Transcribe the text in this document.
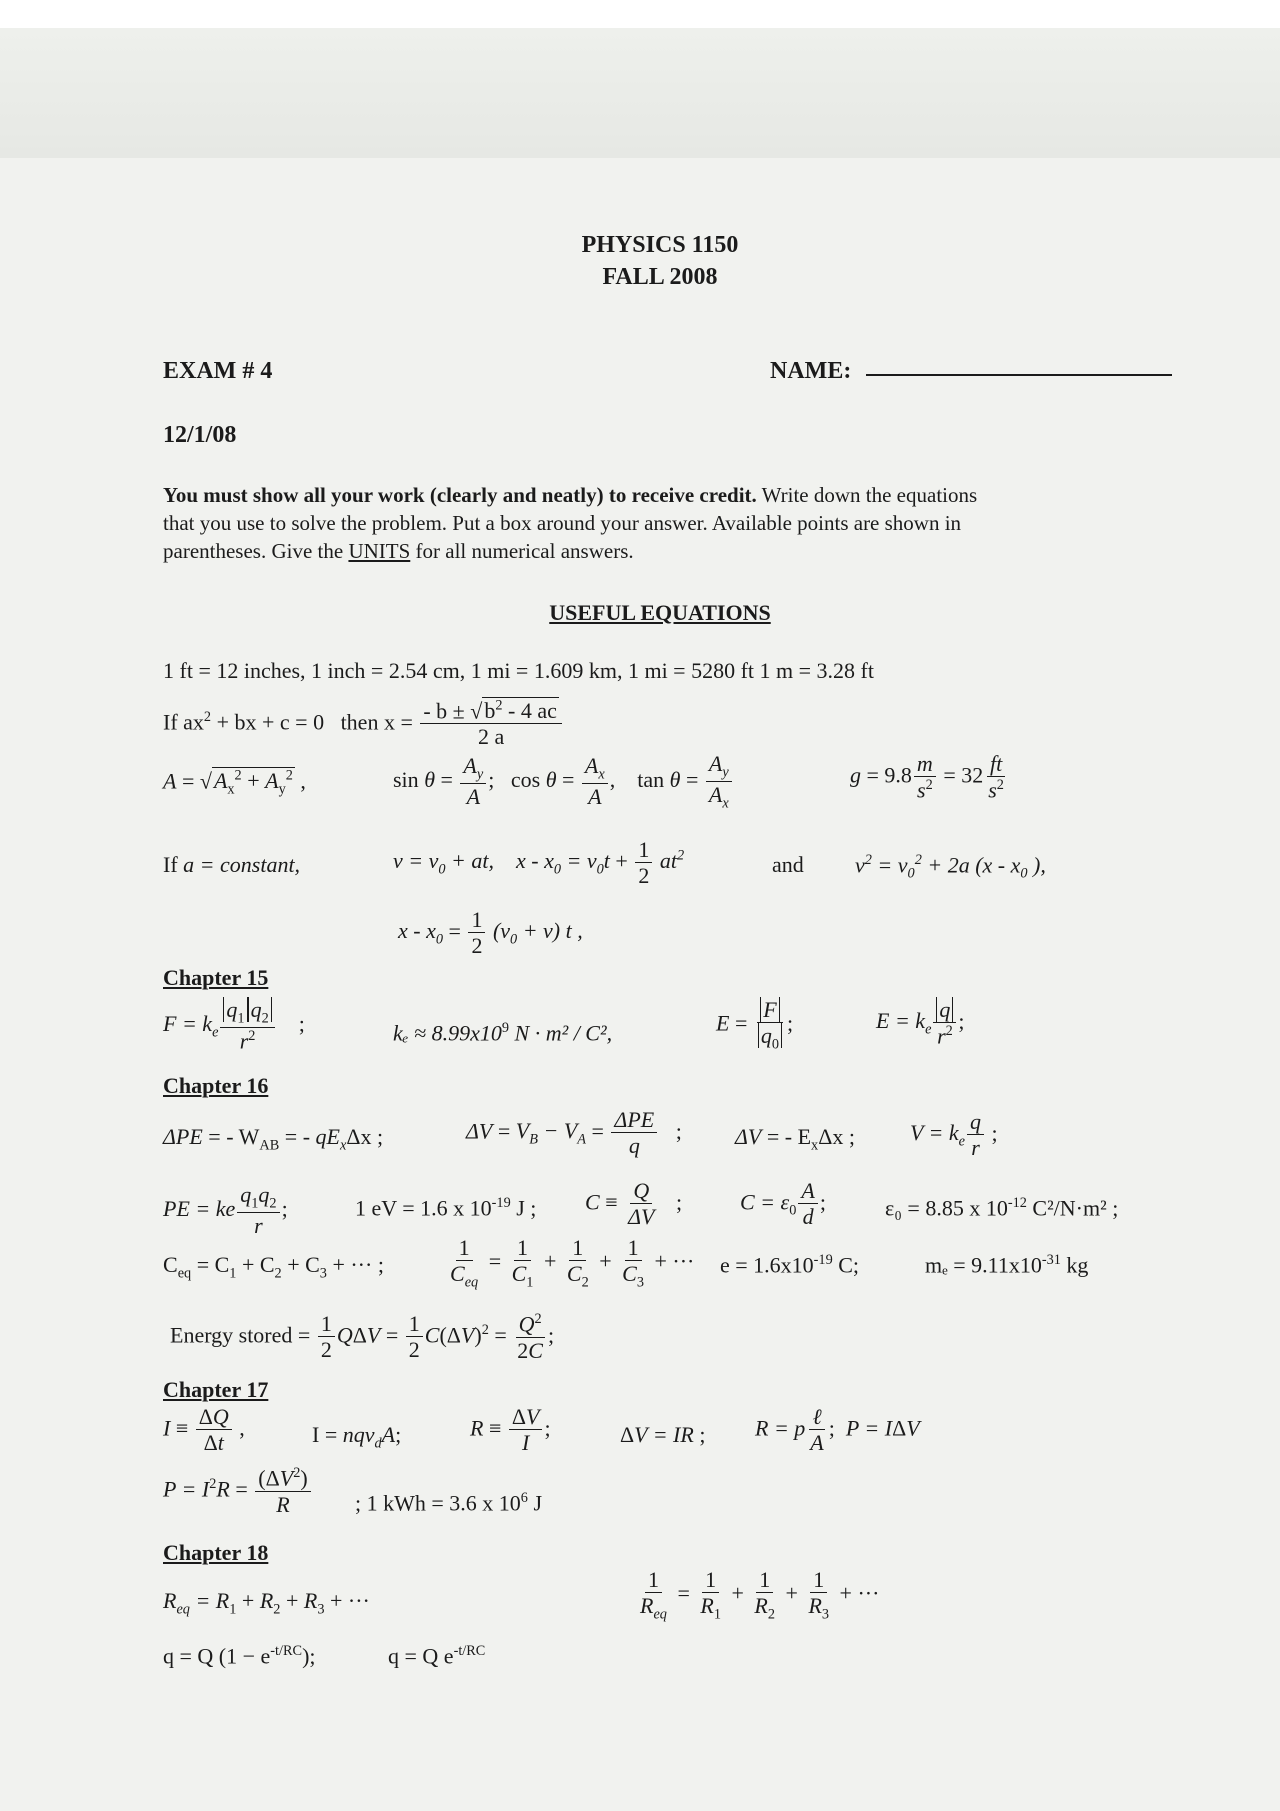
PHYSICS 1150
FALL 2008
EXAM # 4	NAME:
12/1/08
You must show all your work (clearly and neatly) to receive credit. Write down the equations
that you use to solve the problem. Put a box around your answer. Available points are shown in
parentheses. Give the UNITS for all numerical answers.
USEFUL EQUATIONS
1 ft = 12 inches, 1 inch = 2.54 cm, 1 mi = 1.609 km, 1 mi = 5280 ft 1 m = 3.28 ft
If $ax^2$ + bx + c = 0   then $x = \frac{- b \pm √b^2 - 4 ac}{2 a}$
$A = √A_x^2 + A_y^2$ ,	$\sin \theta = \frac{A_y}{A}$ ;   $\cos \theta = \frac{A_x}{A}$ ,    $\tan \theta = \frac{A_y}{A_x}$	$g = 9.8 \frac{m}{s^2} = 32 \frac{ft}{s^2}$
If a = constant,	$v = v_0$ + at, $x - x_0 = v_0t + \frac{1}{2} at^2$	and $v^2 = v_0^2 + 2a$ ($x - x_0$ ),
$x - x_0 = \frac{1}{2} (v_0 + v)$ t ,
Chapter 15
$F = k_e \frac{q_1 q_2}{r^2}$ ;	$k_e \approx 8.99x10^9$ N · m² / C²,	$E = \frac{F}{q_0}$ ;	$E = k_e \frac{q}{r^2}$ ;
Chapter 16
ΔPE = - $W_{AB}$ = - $qE_x\Delta x$ ;	$\Delta V = V_B - V_A = \frac{\text{ΔPE}}{q}$ ; ΔV = - $E_x\Delta x$ ;	$V = k_e \frac{q}{r}$ ;
PE = ke $\frac{q_1q_2}{r}$ ;	1 eV = 1.6 x $10^{-19}$ J ; $C \equiv \frac{Q}{\Delta V}$ ;	$C = \varepsilon_0 \frac{A}{d}$ ;	ε₀ = 8.85 x $10^{-12}$ C²/N·m² ;
$C_{eq} = C_1 + C_2 + C_3$ + ··· ;	$\frac{1}{C_{eq}} = \frac{1}{C_1} + \frac{1}{C_2} + \frac{1}{C_3}$ + ··· $e = 1.6x10^{-19}$ C;	$m_e = 9.11x10^{-31}$ kg
Energy stored = $\frac{1}{2}$ $Q\Delta V = \frac{1}{2} C(\Delta V)^2 = \frac{Q^2}{2C}$ ;
Chapter 17
$I \equiv \frac{\Delta Q}{\Delta t}$ ,	I = nqv$_d$A;	$R \equiv \frac{\Delta V}{I}$ ;	ΔV = IR ; R = p $\frac{\text{ℓ}}{A}$ ;  P = IΔV
$P = I^2R = \frac{(\Delta V^2)}{R}$ ; 1 kWh = 3.6 x $10^6$ J
Chapter 18
$R_{eq} = R_1 + R_2 + R_3$ + ···	$\frac{1}{R_{eq}} = \frac{1}{R_1} + \frac{1}{R_2} + \frac{1}{R_3}$ + ···
q = Q $(1 - e^{-t/RC})$;	q = Q $e^{-t/RC}$
